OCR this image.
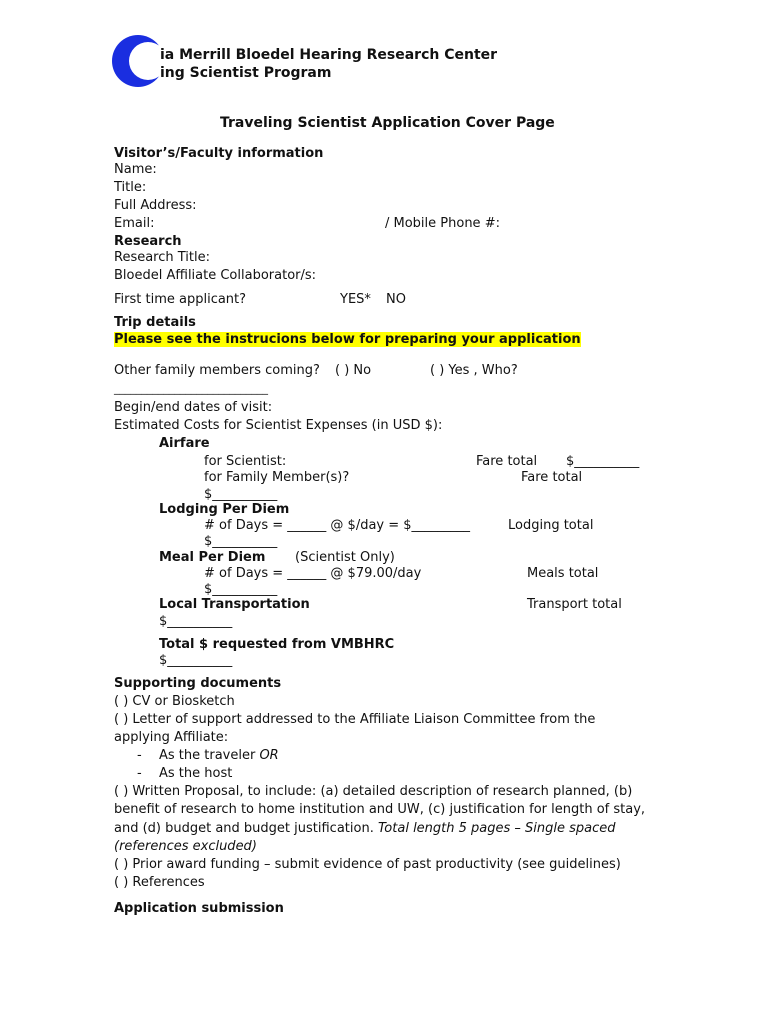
ia Merrill Bloedel Hearing Research Center
ing Scientist Program
Traveling Scientist Application Cover Page
Visitor’s/Faculty information
Name:
Title:
Full Address:
Email:	/ Mobile Phone #:
Research
Research Title:
Bloedel Affiliate Collaborator/s:
First time applicant?	YES* NO
Trip details
Please see the instrucions below for preparing your application
Other family members coming? ( ) No	( ) Yes , Who?
____________________________
Begin/end dates of visit:
Estimated Costs for Scientist Expenses (in USD $):
Airfare
for Scientist:	Fare total $__________
for Family Member(s)?	Fare total
$__________
Lodging Per Diem
# of Days = ______ @ $/day = $_________	Lodging total
$__________
Meal Per Diem (Scientist Only)
# of Days = ______ @ $79.00/day	Meals total
$__________
Local Transportation	Transport total
$__________
Total $ requested from VMBHRC
$__________
Supporting documents
( ) CV or Biosketch
( ) Letter of support addressed to the Affiliate Liaison Committee from the
applying Affiliate:
- As the traveler OR
- As the host
( ) Written Proposal, to include: (a) detailed description of research planned, (b)
benefit of research to home institution and UW, (c) justification for length of stay,
and (d) budget and budget justification. Total length 5 pages – Single spaced
(references excluded)
( ) Prior award funding – submit evidence of past productivity (see guidelines)
( ) References
Application submission
